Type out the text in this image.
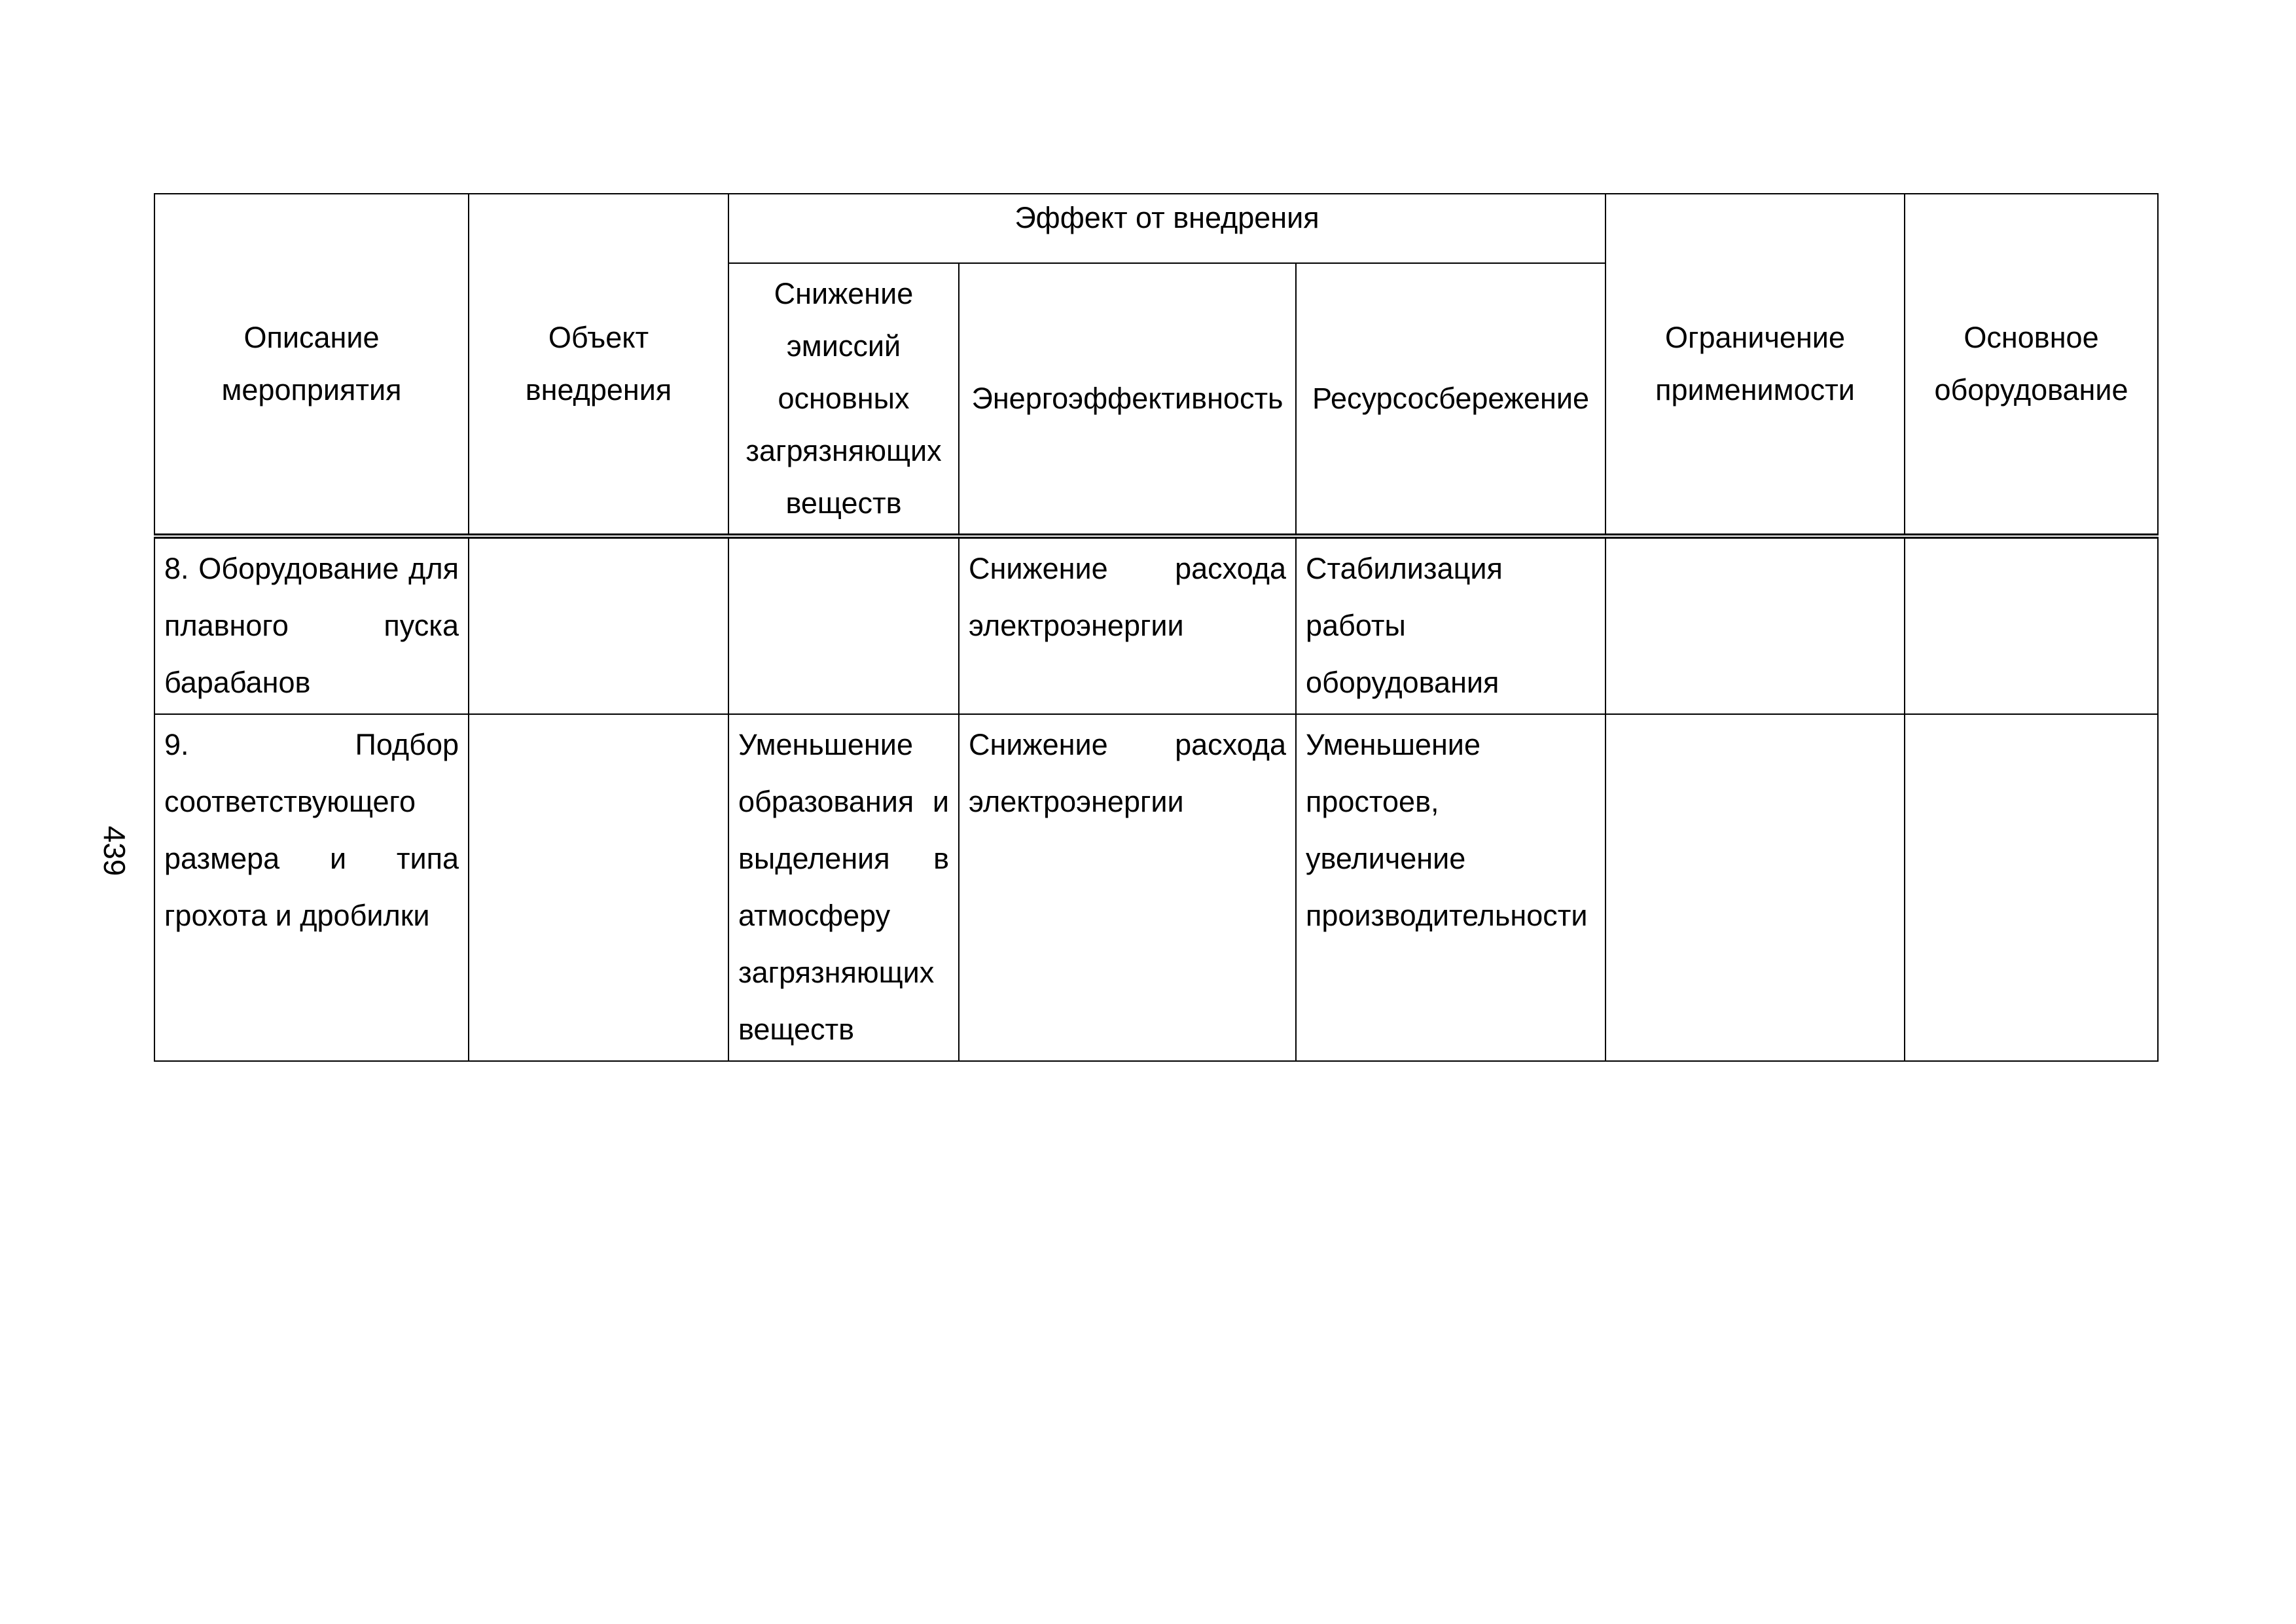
439
Описание мероприятия	Объект внедрения	Эффект от внедрения			Ограничение применимости	Основное оборудование
		Снижение эмиссий основных загрязняющих веществ	Энергоэффективность	Ресурсосбережение		
8. Оборудование для плавного пуска барабанов			Снижение расхода электроэнергии	Стабилизация работы оборудования		
9. Подбор соответствующего размера и типа грохота и дробилки		Уменьшение образования и выделения в атмосферу загрязняющих веществ	Снижение расхода электроэнергии	Уменьшение простоев, увеличение производительности		
